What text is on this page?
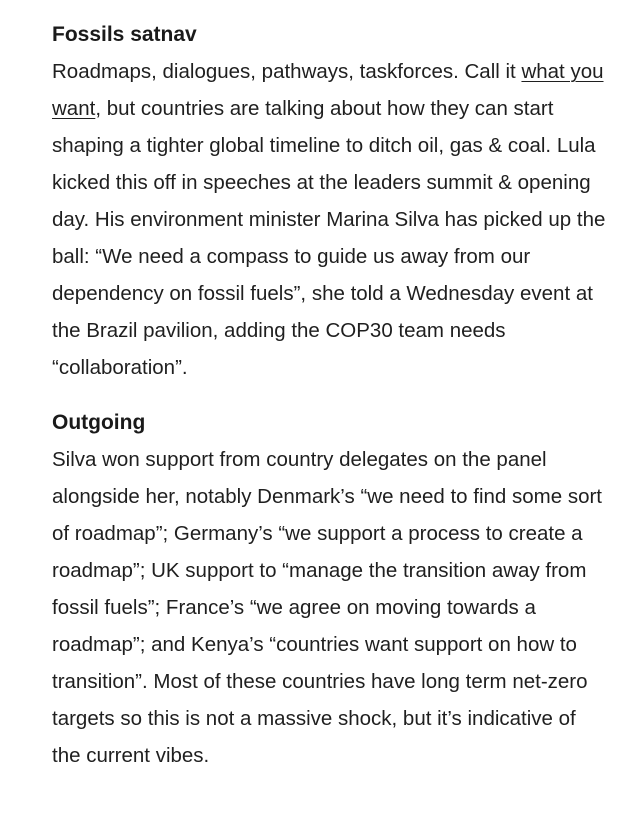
Fossils satnav

Roadmaps, dialogues, pathways, taskforces. Call it what you want, but countries are talking about how they can start shaping a tighter global timeline to ditch oil, gas & coal. Lula kicked this off in speeches at the leaders summit & opening day. His environment minister Marina Silva has picked up the ball: “We need a compass to guide us away from our dependency on fossil fuels”, she told a Wednesday event at the Brazil pavilion, adding the COP30 team needs “collaboration”.

Outgoing

Silva won support from country delegates on the panel alongside her, notably Denmark’s “we need to find some sort of roadmap”; Germany’s “we support a process to create a roadmap”; UK support to “manage the transition away from fossil fuels”; France’s “we agree on moving towards a roadmap”; and Kenya’s “countries want support on how to transition”. Most of these countries have long term net-zero targets so this is not a massive shock, but it’s indicative of the current vibes.
